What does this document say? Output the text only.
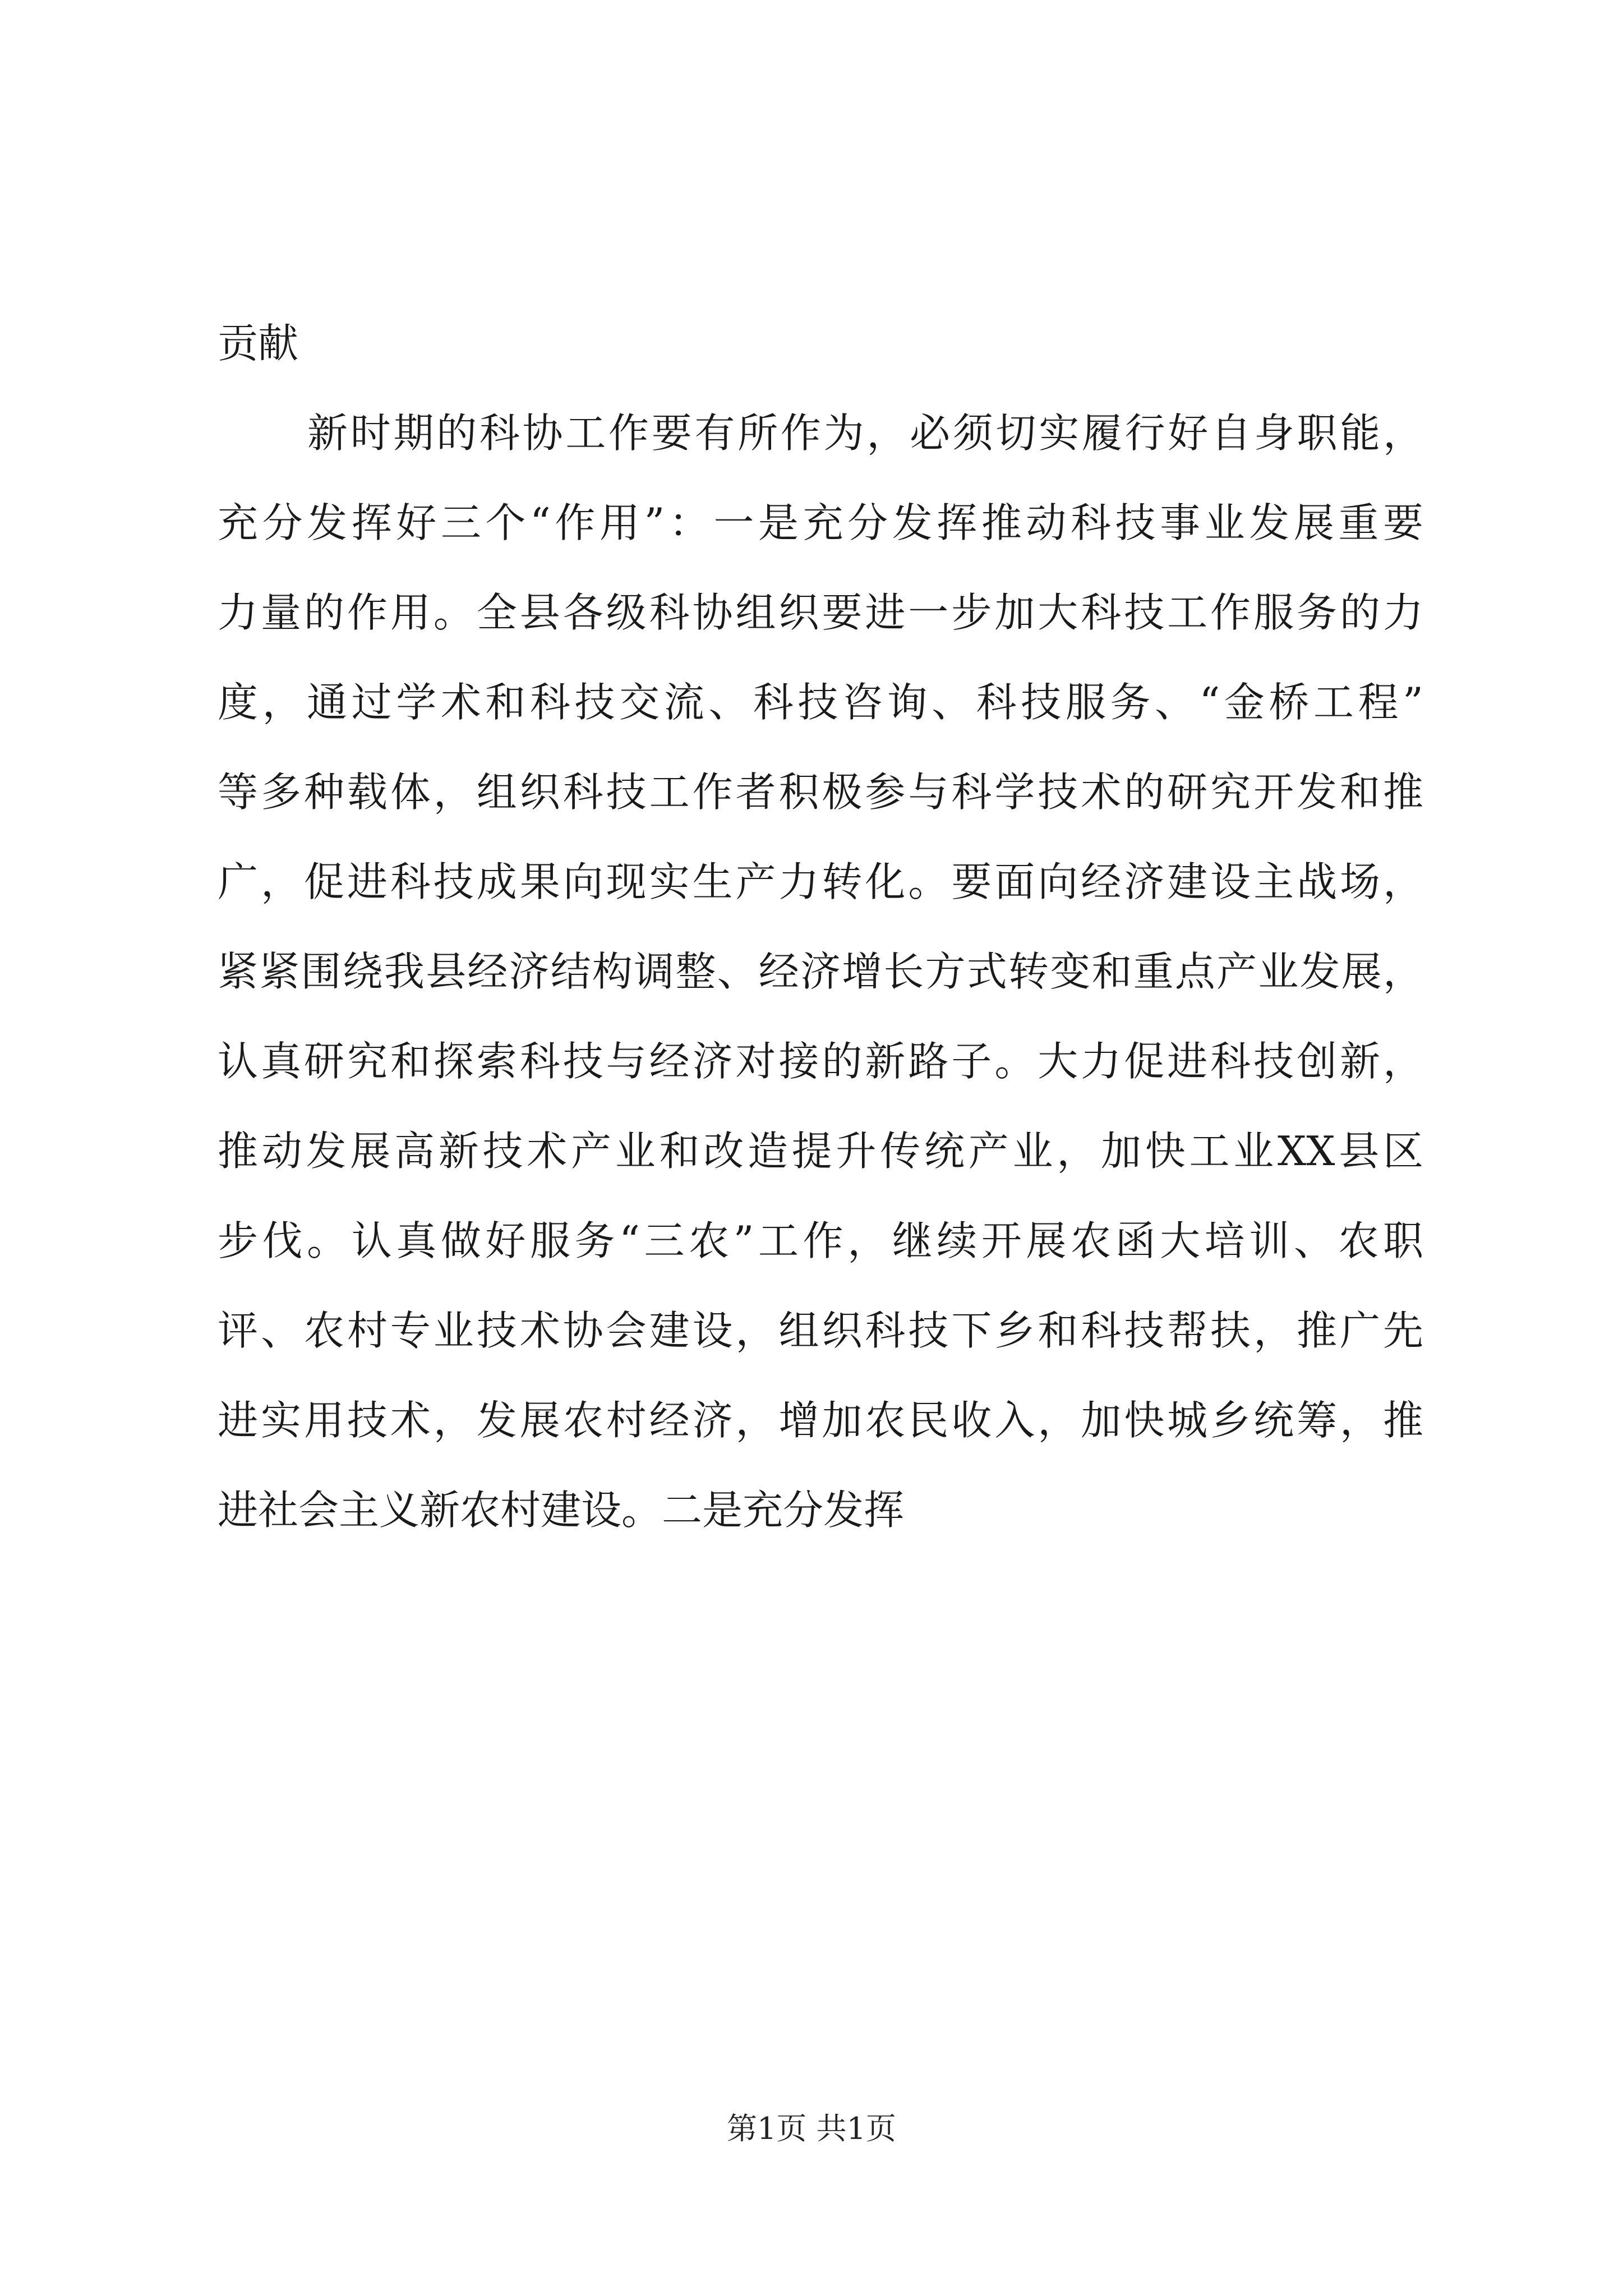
贡献
新时期的科协工作要有所作为，必须切实履行好自身职能，
充分发挥好三个“作用”：一是充分发挥推动科技事业发展重要
力量的作用。全县各级科协组织要进一步加大科技工作服务的力
度，通过学术和科技交流、科技咨询、科技服务、“金桥工程”
等多种载体，组织科技工作者积极参与科学技术的研究开发和推
广，促进科技成果向现实生产力转化。要面向经济建设主战场，
紧紧围绕我县经济结构调整、经济增长方式转变和重点产业发展，
认真研究和探索科技与经济对接的新路子。大力促进科技创新，
推动发展高新技术产业和改造提升传统产业，加快工业XX县区
步伐。认真做好服务“三农”工作，继续开展农函大培训、农职
评、农村专业技术协会建设，组织科技下乡和科技帮扶，推广先
进实用技术，发展农村经济，增加农民收入，加快城乡统筹，推
进社会主义新农村建设。二是充分发挥
第1页 共1页
